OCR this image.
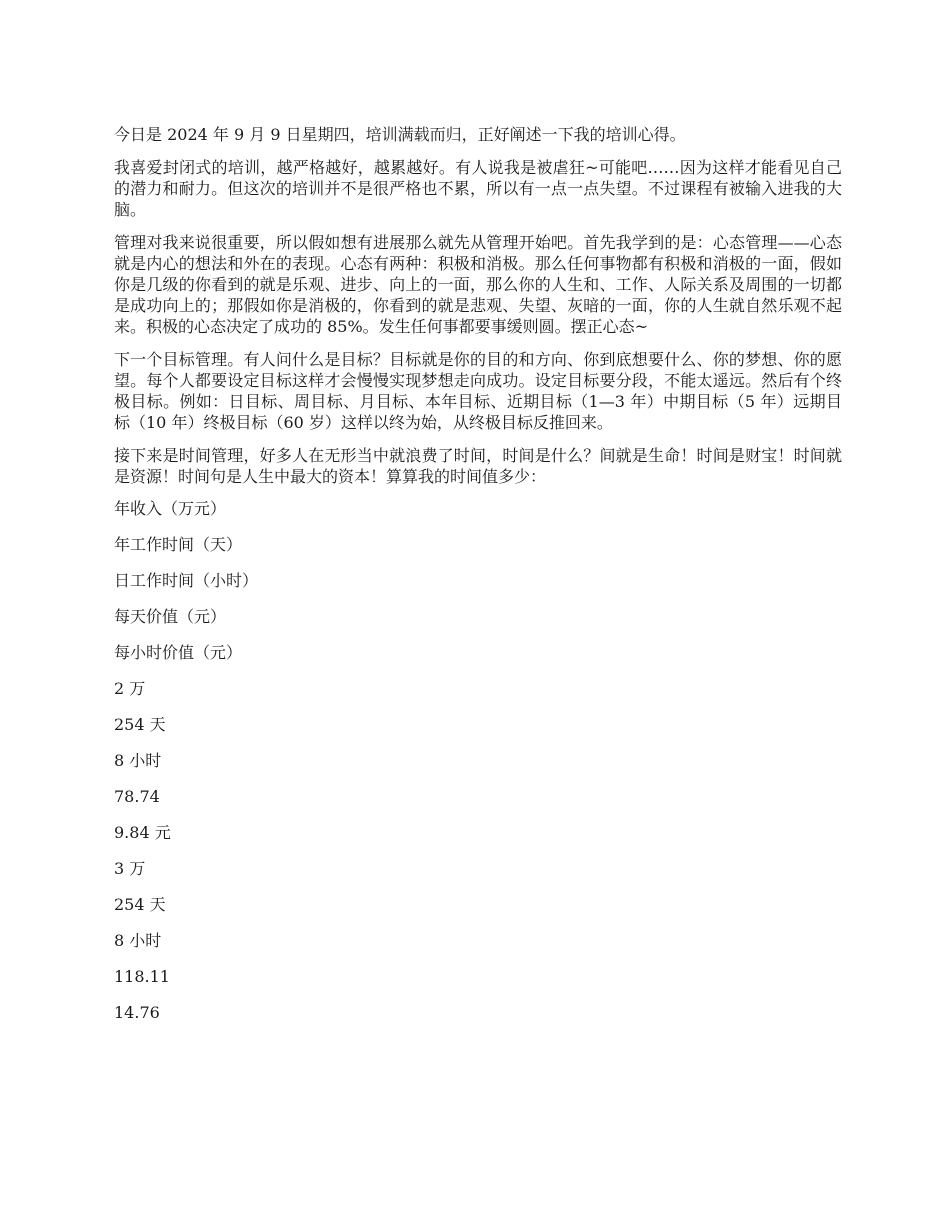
今日是 2024 年 9 月 9 日星期四，培训满载而归，正好阐述一下我的培训心得。

我喜爱封闭式的培训，越严格越好，越累越好。有人说我是被虐狂~可能吧……因为这样才能看见自己的潜力和耐力。但这次的培训并不是很严格也不累，所以有一点一点失望。不过课程有被输入进我的大脑。

管理对我来说很重要，所以假如想有进展那么就先从管理开始吧。首先我学到的是：心态管理——心态就是内心的想法和外在的表现。心态有两种：积极和消极。那么任何事物都有积极和消极的一面，假如你是几级的你看到的就是乐观、进步、向上的一面，那么你的人生和、工作、人际关系及周围的一切都是成功向上的；那假如你是消极的，你看到的就是悲观、失望、灰暗的一面，你的人生就自然乐观不起来。积极的心态决定了成功的 85%。发生任何事都要事缓则圆。摆正心态~

下一个目标管理。有人问什么是目标？目标就是你的目的和方向、你到底想要什么、你的梦想、你的愿望。每个人都要设定目标这样才会慢慢实现梦想走向成功。设定目标要分段，不能太遥远。然后有个终极目标。例如：日目标、周目标、月目标、本年目标、近期目标（1—3 年）中期目标（5 年）远期目标（10 年）终极目标（60 岁）这样以终为始，从终极目标反推回来。

接下来是时间管理，好多人在无形当中就浪费了时间，时间是什么？间就是生命！时间是财宝！时间就是资源！时间句是人生中最大的资本！算算我的时间值多少：

年收入（万元）

年工作时间（天）

日工作时间（小时）

每天价值（元）

每小时价值（元）

2 万

254 天

8 小时

78.74

9.84 元

3 万

254 天

8 小时

118.11

14.76
